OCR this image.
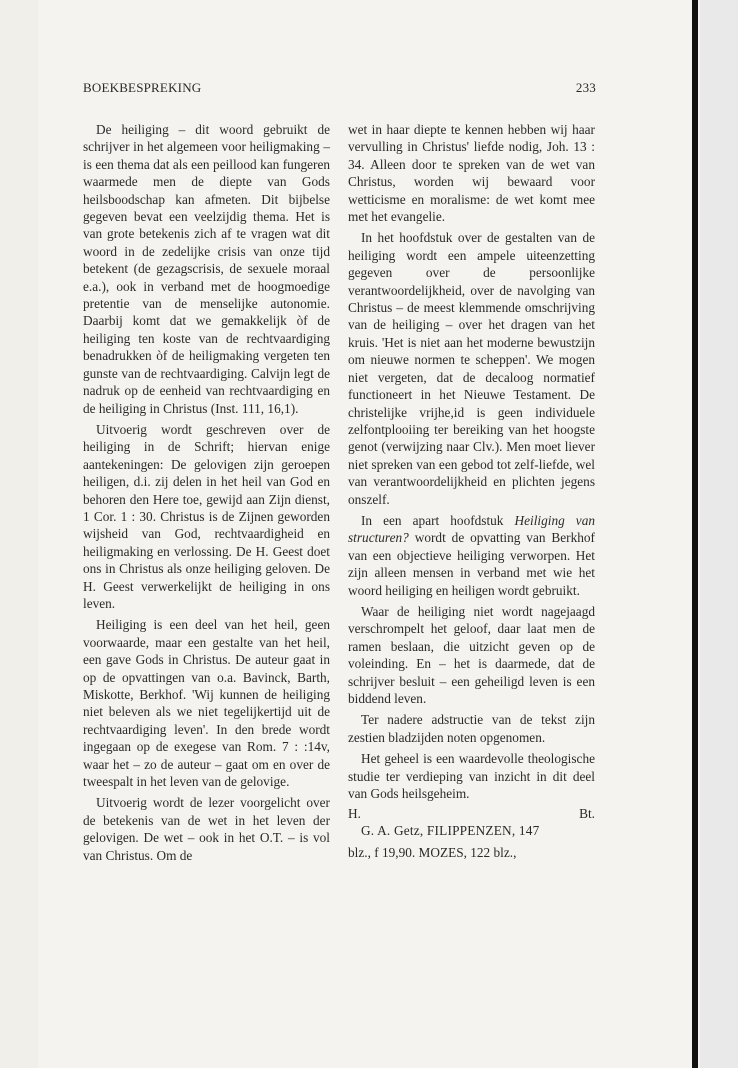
BOEKBESPREKING	233

De heiliging – dit woord gebruikt de schrijver in het algemeen voor heiligmaking – is een thema dat als een peillood kan fungeren waarmede men de diepte van Gods heilsboodschap kan afmeten. Dit bijbelse gegeven bevat een veelzijdig thema. Het is van grote betekenis zich af te vragen wat dit woord in de zedelijke crisis van onze tijd betekent (de gezagscrisis, de sexuele moraal e.a.), ook in verband met de hoogmoedige pretentie van de menselijke autonomie. Daarbij komt dat we gemakkelijk òf de heiliging ten koste van de rechtvaardiging benadrukken òf de heiligmaking vergeten ten gunste van de rechtvaardiging. Calvijn legt de nadruk op de eenheid van rechtvaardiging en de heiliging in Christus (Inst. 111, 16,1).

Uitvoerig wordt geschreven over de heiliging in de Schrift; hiervan enige aantekeningen: De gelovigen zijn geroepen heiligen, d.i. zij delen in het heil van God en behoren den Here toe, gewijd aan Zijn dienst, 1 Cor. 1 : 30. Christus is de Zijnen geworden wijsheid van God, rechtvaardigheid en heiligmaking en verlossing. De H. Geest doet ons in Christus als onze heiliging geloven. De H. Geest verwerkelijkt de heiliging in ons leven.

Heiliging is een deel van het heil, geen voorwaarde, maar een gestalte van het heil, een gave Gods in Christus. De auteur gaat in op de opvattingen van o.a. Bavinck, Barth, Miskotte, Berkhof. 'Wij kunnen de heiliging niet beleven als we niet tegelijkertijd uit de rechtvaardiging leven'. In den brede wordt ingegaan op de exegese van Rom. 7 : :14v, waar het – zo de auteur – gaat om en over de tweespalt in het leven van de gelovige.

Uitvoerig wordt de lezer voorgelicht over de betekenis van de wet in het leven der gelovigen. De wet – ook in het O.T. – is vol van Christus. Om de

wet in haar diepte te kennen hebben wij haar vervulling in Christus' liefde nodig, Joh. 13 : 34. Alleen door te spreken van de wet van Christus, worden wij bewaard voor wetticisme en moralisme: de wet komt mee met het evangelie.

In het hoofdstuk over de gestalten van de heiliging wordt een ampele uiteenzetting gegeven over de persoonlijke verantwoordelijkheid, over de navolging van Christus – de meest klemmende omschrijving van de heiliging – over het dragen van het kruis. 'Het is niet aan het moderne bewustzijn om nieuwe normen te scheppen'. We mogen niet vergeten, dat de decaloog normatief functioneert in het Nieuwe Testament. De christelijke vrijhe,id is geen individuele zelfontplooiing ter bereiking van het hoogste genot (verwijzing naar Clv.). Men moet liever niet spreken van een gebod tot zelf-liefde, wel van verantwoordelijkheid en plichten jegens onszelf.

In een apart hoofdstuk Heiliging van structuren? wordt de opvatting van Berkhof van een objectieve heiliging verworpen. Het zijn alleen mensen in verband met wie het woord heiliging en heiligen wordt gebruikt.

Waar de heiliging niet wordt nagejaagd verschrompelt het geloof, daar laat men de ramen beslaan, die uitzicht geven op de voleinding. En – het is daarmede, dat de schrijver besluit – een geheiligd leven is een biddend leven.

Ter nadere adstructie van de tekst zijn zestien bladzijden noten opgenomen.

Het geheel is een waardevolle theologische studie ter verdieping van inzicht in dit deel van Gods heilsgeheim.

H.	Bt.

G. A. Getz, FILIPPENZEN, 147

blz., f 19,90. MOZES, 122 blz.,
